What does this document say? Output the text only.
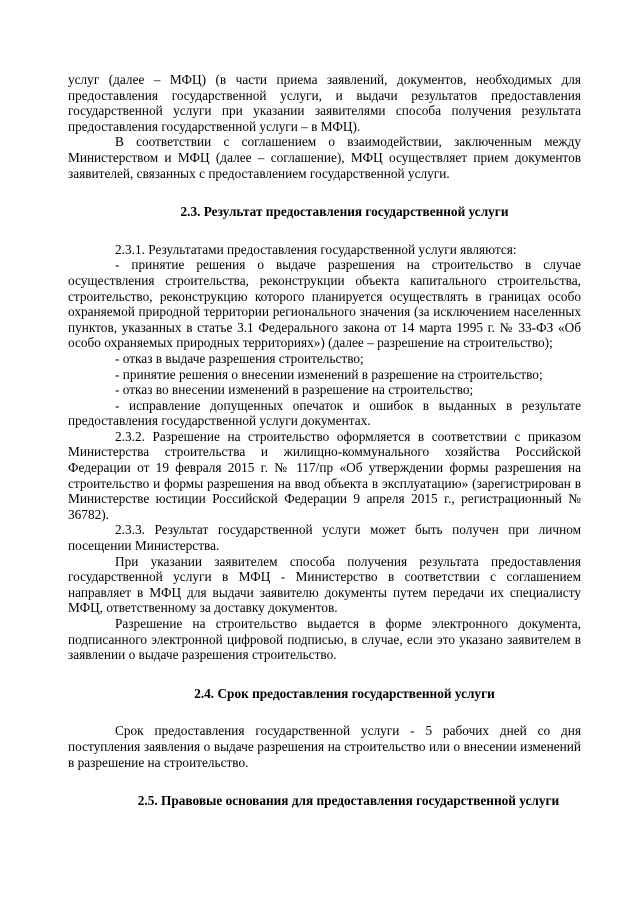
услуг (далее – МФЦ) (в части приема заявлений, документов, необходимых для предоставления государственной услуги, и выдачи результатов предоставления государственной услуги при указании заявителями способа получения результата предоставления государственной услуги – в МФЦ).

В соответствии с соглашением о взаимодействии, заключенным между Министерством и МФЦ (далее – соглашение), МФЦ осуществляет прием документов заявителей, связанных с предоставлением государственной услуги.

2.3. Результат предоставления государственной услуги

2.3.1. Результатами предоставления государственной услуги являются:

- принятие решения о выдаче разрешения на строительство в случае осуществления строительства, реконструкции объекта капитального строительства, строительство, реконструкцию которого планируется осуществлять в границах особо охраняемой природной территории регионального значения (за исключением населенных пунктов, указанных в статье 3.1 Федерального закона от 14 марта 1995 г. № 33-ФЗ «Об особо охраняемых природных территориях») (далее – разрешение на строительство);

- отказ в выдаче разрешения строительство;

- принятие решения о внесении изменений в разрешение на строительство;

- отказ во внесении изменений в разрешение на строительство;

- исправление допущенных опечаток и ошибок в выданных в результате предоставления государственной услуги документах.

2.3.2. Разрешение на строительство оформляется в соответствии с приказом Министерства строительства и жилищно-коммунального хозяйства Российской Федерации от 19 февраля 2015 г. № 117/пр «Об утверждении формы разрешения на строительство и формы разрешения на ввод объекта в эксплуатацию» (зарегистрирован в Министерстве юстиции Российской Федерации 9 апреля 2015 г., регистрационный № 36782).

2.3.3. Результат государственной услуги может быть получен при личном посещении Министерства.

При указании заявителем способа получения результата предоставления государственной услуги в МФЦ - Министерство в соответствии с соглашением направляет в МФЦ для выдачи заявителю документы путем передачи их специалисту МФЦ, ответственному за доставку документов.

Разрешение на строительство выдается в форме электронного документа, подписанного электронной цифровой подписью, в случае, если это указано заявителем в заявлении о выдаче разрешения строительство.

2.4. Срок предоставления государственной услуги

Срок предоставления государственной услуги - 5 рабочих дней со дня поступления заявления о выдаче разрешения на строительство или о внесении изменений в разрешение на строительство.

2.5. Правовые основания для предоставления государственной услуги
